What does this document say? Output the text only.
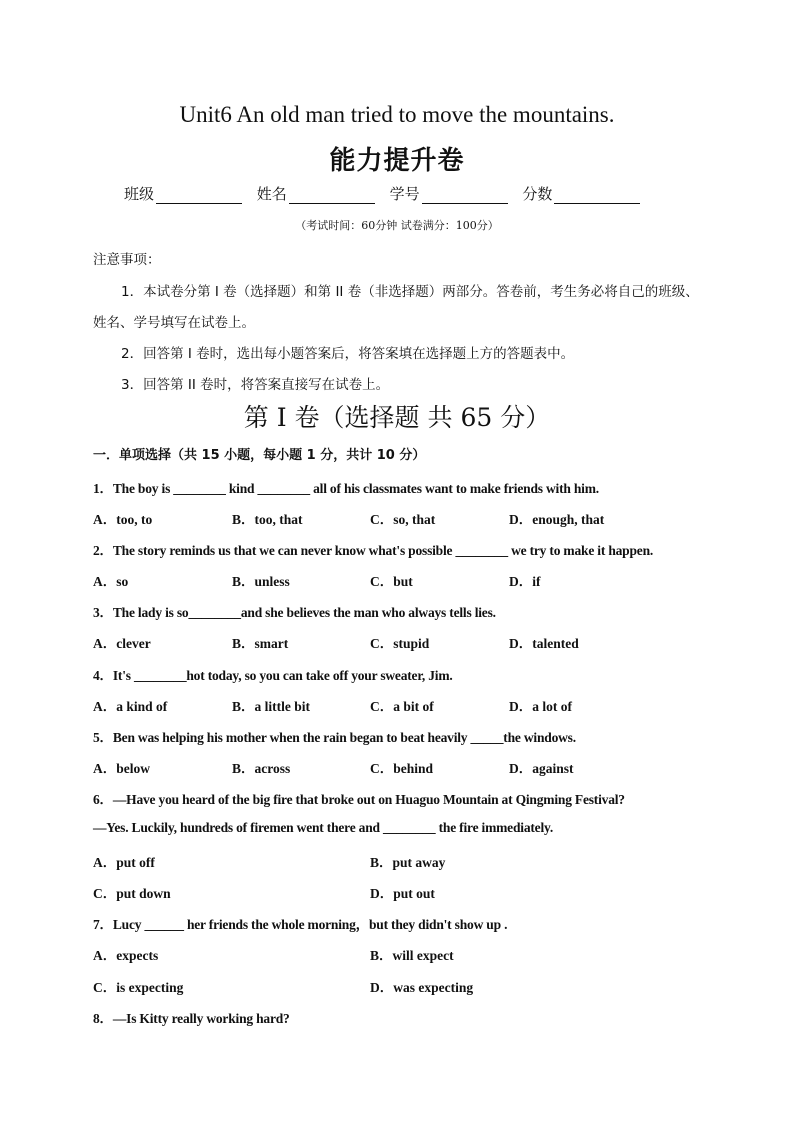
Unit6 An old man tried to move the mountains.
能力提升卷
班级	姓名	学号	分数
（考试时间：60分钟 试卷满分：100分）
注意事项：
1．本试卷分第 I 卷（选择题）和第 II 卷（非选择题）两部分。答卷前，考生务必将自己的班级、
姓名、学号填写在试卷上。
2．回答第 I 卷时，选出每小题答案后，将答案填在选择题上方的答题表中。
3．回答第 II 卷时，将答案直接写在试卷上。
第 I 卷（选择题 共 65 分）
一．单项选择（共 15 小题，每小题 1 分，共计 10 分）
1．The boy is ________ kind ________ all of his classmates want to make friends with him.
A．too, to	B．too, that	C．so, that	D．enough, that
2．The story reminds us that we can never know what's possible ________ we try to make it happen.
A．so	B．unless	C．but	D．if
3．The lady is so________and she believes the man who always tells lies.
A．clever	B．smart	C．stupid	D．talented
4．It's ________hot today, so you can take off your sweater, Jim.
A．a kind of	B．a little bit	C．a bit of	D．a lot of
5．Ben was helping his mother when the rain began to beat heavily _____the windows.
A．below	B．across	C．behind	D．against
6．—Have you heard of the big fire that broke out on Huaguo Mountain at Qingming Festival?
—Yes. Luckily, hundreds of firemen went there and ________ the fire immediately.
A．put off	B．put away
C．put down	D．put out
7．Lucy ______ her friends the whole morning，but they didn't show up .
A．expects	B．will expect
C．is expecting	D．was expecting
8．—Is Kitty really working hard?
